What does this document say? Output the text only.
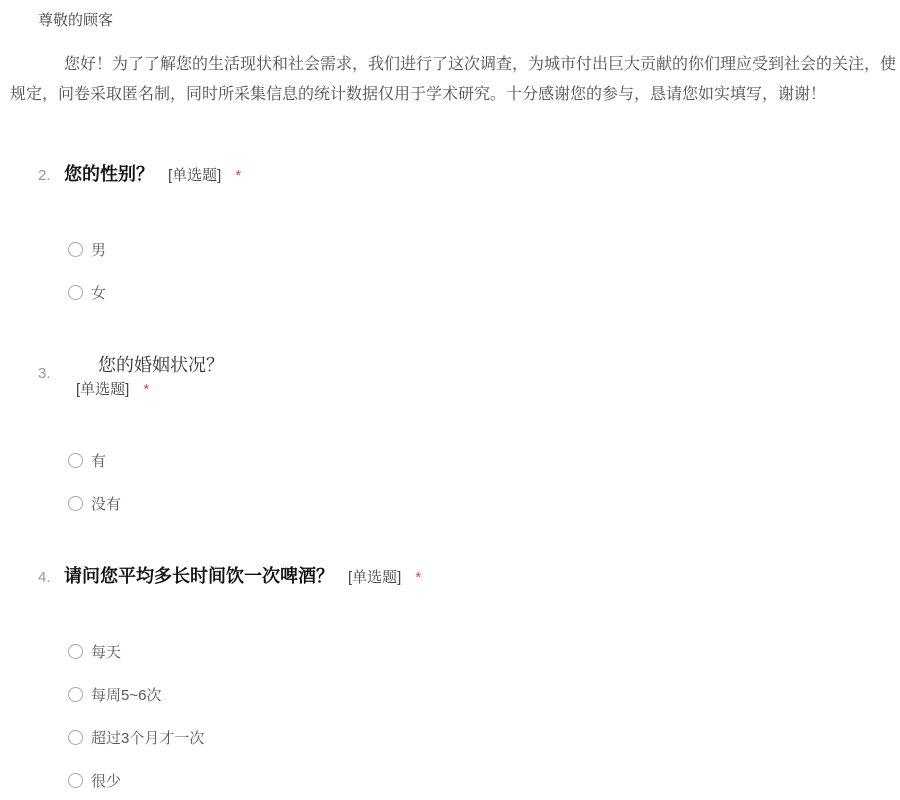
尊敬的顾客
您好！为了了解您的生活现状和社会需求，我们进行了这次调查，为城市付出巨大贡献的你们理应受到社会的关注，使
规定，问卷采取匿名制，同时所采集信息的统计数据仅用于学术研究。十分感谢您的参与，恳请您如实填写，谢谢！
2. 您的性别？ [单选题] *
男
女
3.	您的婚姻状况？
[单选题] *
有
没有
4. 请问您平均多长时间饮一次啤酒？ [单选题] *
每天
每周5~6次
超过3个月才一次
很少
